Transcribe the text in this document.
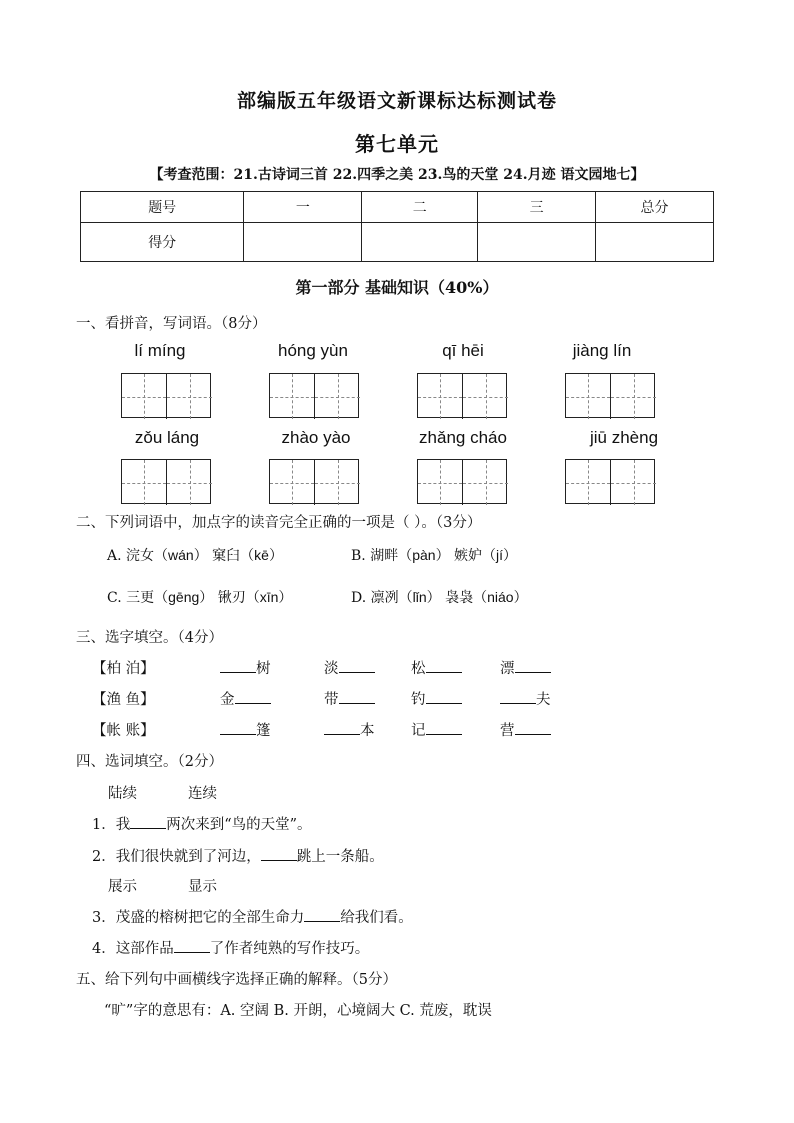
部编版五年级语文新课标达标测试卷
第七单元
【考查范围：21.古诗词三首 22.四季之美 23.鸟的天堂 24.月迹 语文园地七】
题号	一	二	三	总分
得分				
第一部分 基础知识（40%）
一、看拼音，写词语。（8分）
lí míng	hóng yùn	qī hēi	jiàng lín
zǒu láng	zhào yào	zhǎng cháo	jiū zhèng
二、下列词语中，加点字的读音完全正确的一项是（ ）。（3分）
A. 浣女（wán） 窠臼（kē）	B. 湖畔（pàn） 嫉妒（jí）
C. 三更（gēng） 锹刃（xīn）	D. 凛冽（lǐn） 袅袅（niáo）
三、选字填空。（4分）
【柏 泊】	树	淡	松	漂
【渔 鱼】	金	带	钓	夫
【帐 账】	篷	本	记	营
四、选词填空。（2分）
陆续	连续
1．我 两次来到“鸟的天堂”。
2．我们很快就到了河边， 跳上一条船。
展示	显示
3．茂盛的榕树把它的全部生命力 给我们看。
4．这部作品 了作者纯熟的写作技巧。
五、给下列句中画横线字选择正确的解释。（5分）
“旷”字的意思有：A. 空阔 B. 开朗，心境阔大 C. 荒废，耽误
